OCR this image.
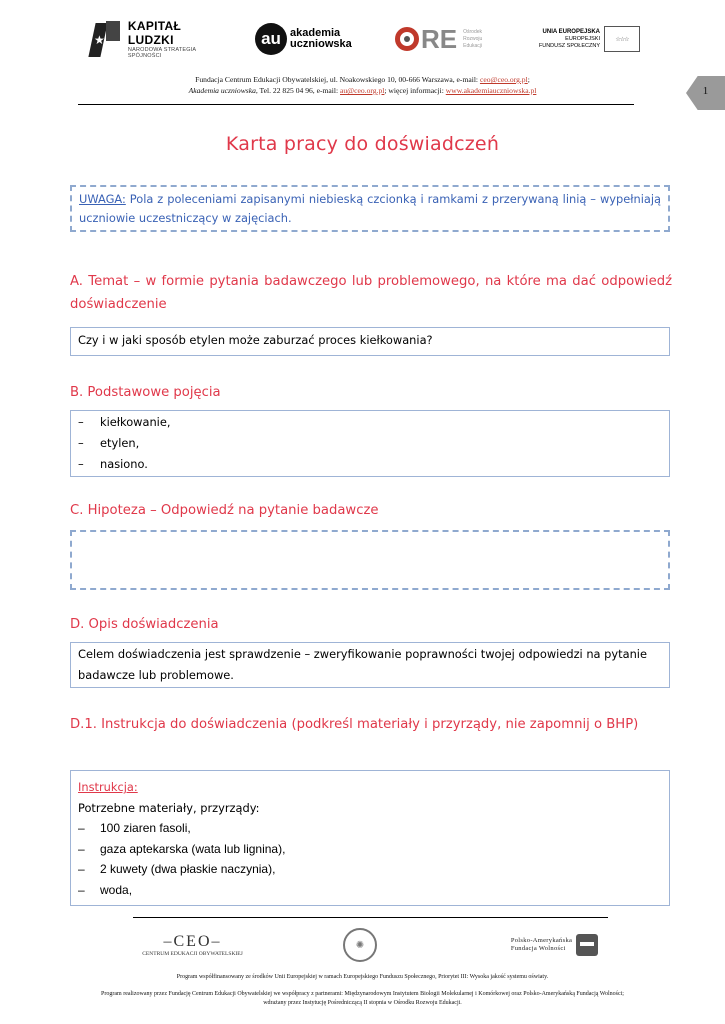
★
KAPITAŁ LUDZKI
NARODOWA STRATEGIA SPÓJNOŚCI
au akademia
uczniowska	RE Ośrodek
Rozwoju
Edukacji
UNIA EUROPEJSKA
EUROPEJSKI
FUNDUSZ SPOŁECZNY
☆☆☆
Fundacja Centrum Edukacji Obywatelskiej, ul. Noakowskiego 10, 00-666 Warszawa, e-mail: ceo@ceo.org.pl;
Akademia uczniowska, Tel. 22 825 04 96, e-mail: au@ceo.org.pl; więcej informacji: www.akademiauczniowska.pl	1
Karta pracy do doświadczeń
UWAGA: Pola z poleceniami zapisanymi niebieską czcionką i ramkami z przerywaną linią – wypełniają uczniowie uczestniczący w zajęciach.
A. Temat – w formie pytania badawczego lub problemowego, na które ma dać odpowiedź doświadczenie
Czy i w jaki sposób etylen może zaburzać proces kiełkowania?
B. Podstawowe pojęcia
– kiełkowanie,
– etylen,
– nasiono.
C. Hipoteza – Odpowiedź na pytanie badawcze
D. Opis doświadczenia
Celem doświadczenia jest sprawdzenie – zweryfikowanie poprawności twojej odpowiedzi na pytanie badawcze lub problemowe.
D.1. Instrukcja do doświadczenia (podkreśl materiały i przyrządy, nie zapomnij o BHP)
Instrukcja:
Potrzebne materiały, przyrządy:
– 100 ziaren fasoli,
– gaza aptekarska (wata lub lignina),
– 2 kuwety (dwa płaskie naczynia),
– woda,
–CEO–
CENTRUM EDUKACJI OBYWATELSKIEJ
✺	Polsko-Amerykańska
Fundacja Wolności
Program współfinansowany ze środków Unii Europejskiej w ramach Europejskiego Funduszu Społecznego, Priorytet III: Wysoka jakość systemu oświaty.
Program realizowany przez Fundację Centrum Edukacji Obywatelskiej we współpracy z partnerami: Międzynarodowym Instytutem Biologii Molekularnej i Komórkowej oraz Polsko-Amerykańską Fundacją Wolności;
wdrażany przez Instytucję Pośredniczącą II stopnia w Ośrodku Rozwoju Edukacji.
